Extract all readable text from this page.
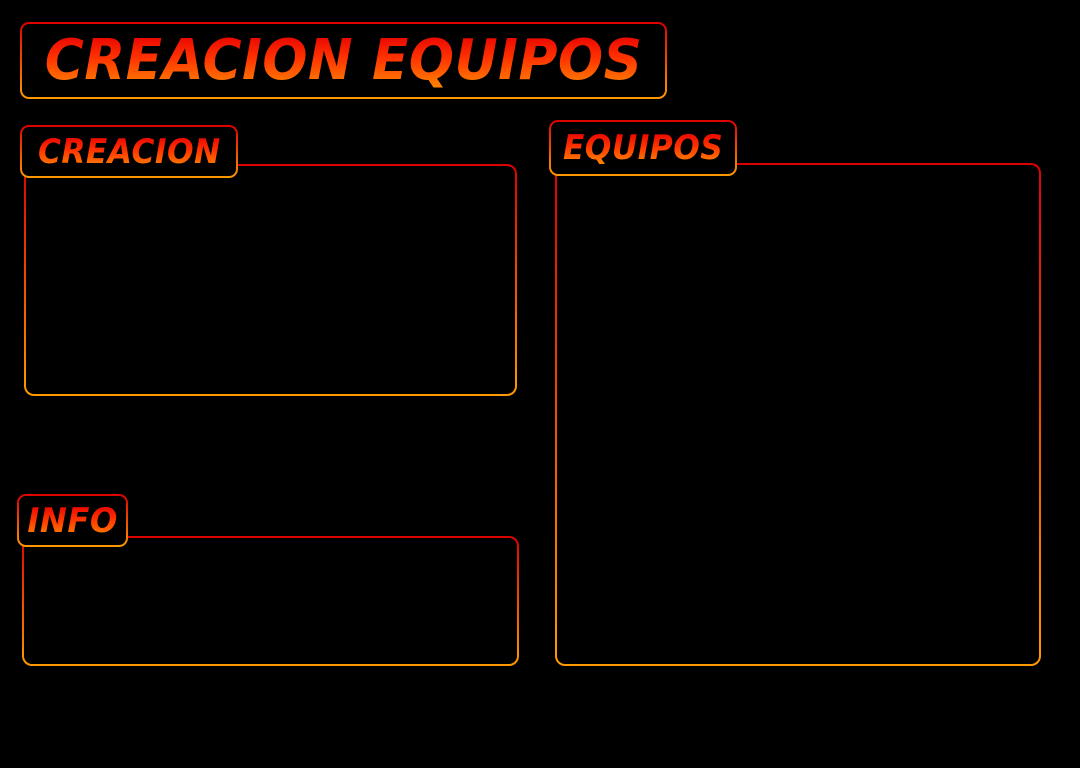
CREACION EQUIPOS
CREACION	EQUIPOS
INFO
